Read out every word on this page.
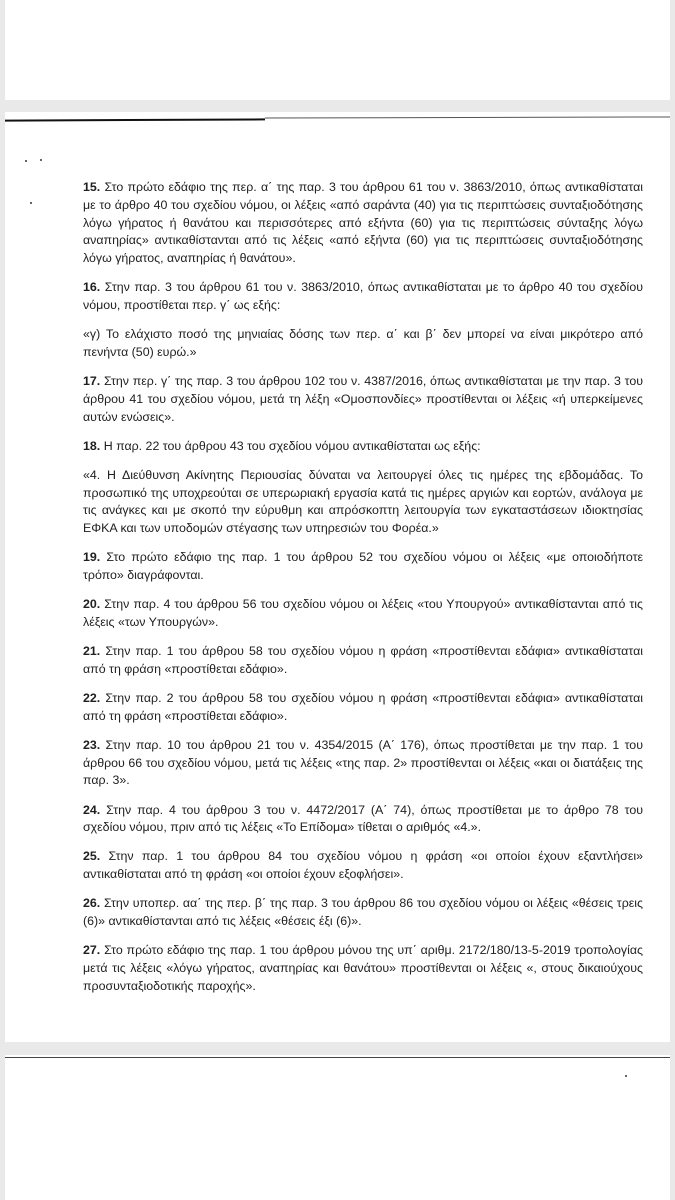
15. Στο πρώτο εδάφιο της περ. α΄ της παρ. 3 του άρθρου 61 του ν. 3863/2010, όπως αντικαθίσταται με το άρθρο 40 του σχεδίου νόμου, οι λέξεις «από σαράντα (40) για τις περιπτώσεις συνταξιοδότησης λόγω γήρατος ή θανάτου και περισσότερες από εξήντα (60) για τις περιπτώσεις σύνταξης λόγω αναπηρίας» αντικαθίστανται από τις λέξεις «από εξήντα (60) για τις περιπτώσεις συνταξιοδότησης λόγω γήρατος, αναπηρίας ή θανάτου».

16. Στην παρ. 3 του άρθρου 61 του ν. 3863/2010, όπως αντικαθίσταται με το άρθρο 40 του σχεδίου νόμου, προστίθεται περ. γ΄ ως εξής:

«γ) Το ελάχιστο ποσό της μηνιαίας δόσης των περ. α΄ και β΄ δεν μπορεί να είναι μικρότερο από πενήντα (50) ευρώ.»

17. Στην περ. γ΄ της παρ. 3 του άρθρου 102 του ν. 4387/2016, όπως αντικαθίσταται με την παρ. 3 του άρθρου 41 του σχεδίου νόμου, μετά τη λέξη «Ομοσπονδίες» προστίθενται οι λέξεις «ή υπερκείμενες αυτών ενώσεις».

18. Η παρ. 22 του άρθρου 43 του σχεδίου νόμου αντικαθίσταται ως εξής:

«4. Η Διεύθυνση Ακίνητης Περιουσίας δύναται να λειτουργεί όλες τις ημέρες της εβδομάδας. Το προσωπικό της υποχρεούται σε υπερωριακή εργασία κατά τις ημέρες αργιών και εορτών, ανάλογα με τις ανάγκες και με σκοπό την εύρυθμη και απρόσκοπτη λειτουργία των εγκαταστάσεων ιδιοκτησίας ΕΦΚΑ και των υποδομών στέγασης των υπηρεσιών του Φορέα.»

19. Στο πρώτο εδάφιο της παρ. 1 του άρθρου 52 του σχεδίου νόμου οι λέξεις «με οποιοδήποτε τρόπο» διαγράφονται.

20. Στην παρ. 4 του άρθρου 56 του σχεδίου νόμου οι λέξεις «του Υπουργού» αντικαθίστανται από τις λέξεις «των Υπουργών».

21. Στην παρ. 1 του άρθρου 58 του σχεδίου νόμου η φράση «προστίθενται εδάφια» αντικαθίσταται από τη φράση «προστίθεται εδάφιο».

22. Στην παρ. 2 του άρθρου 58 του σχεδίου νόμου η φράση «προστίθενται εδάφια» αντικαθίσταται από τη φράση «προστίθεται εδάφιο».

23. Στην παρ. 10 του άρθρου 21 του ν. 4354/2015 (Α΄ 176), όπως προστίθεται με την παρ. 1 του άρθρου 66 του σχεδίου νόμου, μετά τις λέξεις «της παρ. 2» προστίθενται οι λέξεις «και οι διατάξεις της παρ. 3».

24. Στην παρ. 4 του άρθρου 3 του ν. 4472/2017 (Α΄ 74), όπως προστίθεται με το άρθρο 78 του σχεδίου νόμου, πριν από τις λέξεις «Το Επίδομα» τίθεται ο αριθμός «4.».

25. Στην παρ. 1 του άρθρου 84 του σχεδίου νόμου η φράση «οι οποίοι έχουν εξαντλήσει» αντικαθίσταται από τη φράση «οι οποίοι έχουν εξοφλήσει».

26. Στην υποπερ. αα΄ της περ. β΄ της παρ. 3 του άρθρου 86 του σχεδίου νόμου οι λέξεις «θέσεις τρεις (6)» αντικαθίστανται από τις λέξεις «θέσεις έξι (6)».

27. Στο πρώτο εδάφιο της παρ. 1 του άρθρου μόνου της υπ΄ αριθμ. 2172/180/13-5-2019 τροπολογίας μετά τις λέξεις «λόγω γήρατος, αναπηρίας και θανάτου» προστίθενται οι λέξεις «, στους δικαιούχους προσυνταξιοδοτικής παροχής».
